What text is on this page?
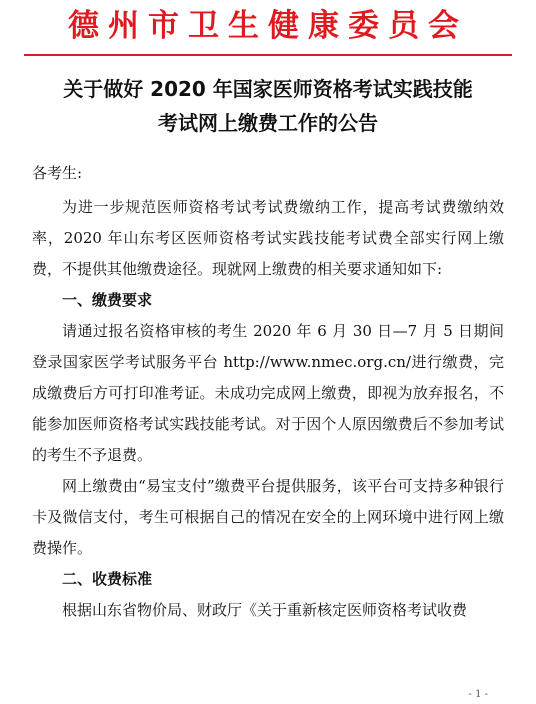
德州市卫生健康委员会
关于做好 2020 年国家医师资格考试实践技能
考试网上缴费工作的公告

各考生:

为进一步规范医师资格考试考试费缴纳工作，提高考试费缴纳效率，2020 年山东考区医师资格考试实践技能考试费全部实行网上缴费，不提供其他缴费途径。现就网上缴费的相关要求通知如下:

一、缴费要求

请通过报名资格审核的考生 2020 年 6 月 30 日—7 月 5 日期间登录国家医学考试服务平台 http://www.nmec.org.cn/进行缴费，完成缴费后方可打印准考证。未成功完成网上缴费，即视为放弃报名，不能参加医师资格考试实践技能考试。对于因个人原因缴费后不参加考试的考生不予退费。

网上缴费由“易宝支付”缴费平台提供服务，该平台可支持多种银行卡及微信支付，考生可根据自己的情况在安全的上网环境中进行网上缴费操作。

二、收费标准

根据山东省物价局、财政厅《关于重新核定医师资格考试收费

- 1 -
